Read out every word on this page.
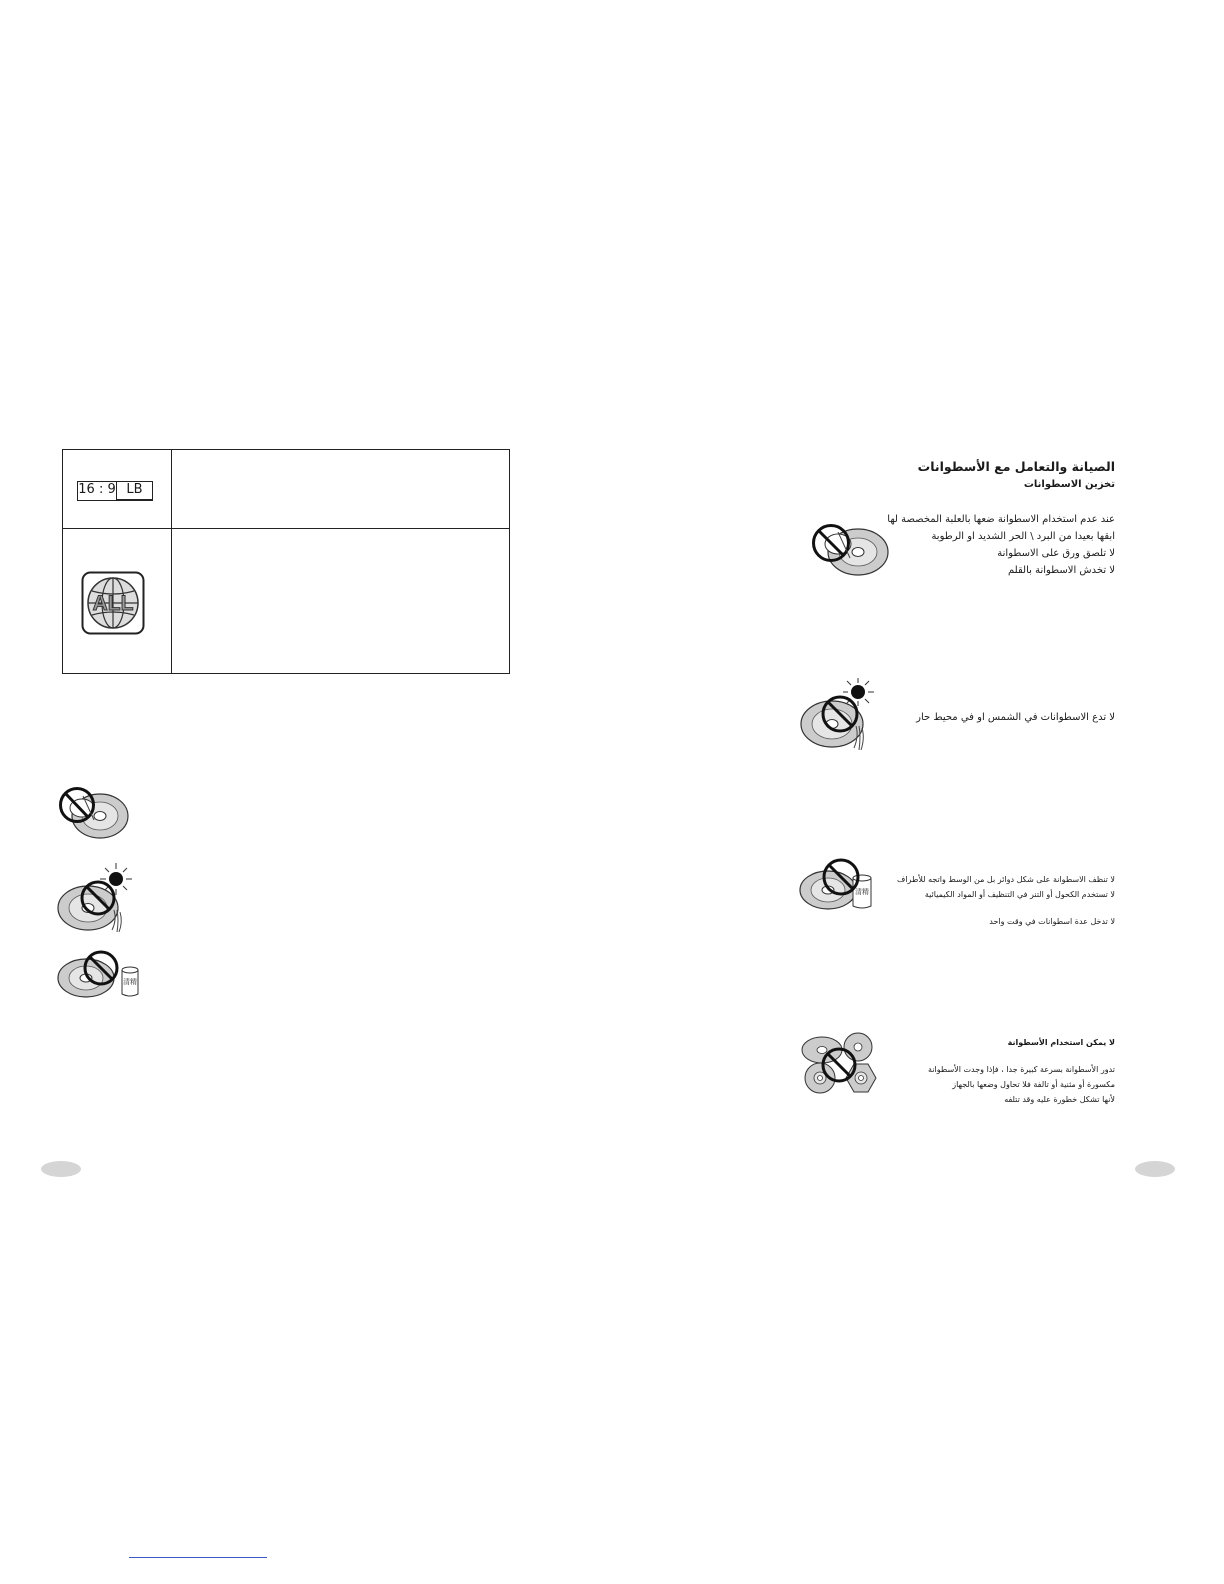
16 : 9 LB
ALL
清精
الصيانة والتعامل مع الأسطوانات
تخزين الاسطوانات
عند عدم استخدام الاسطوانة ضعها بالعلبة المخصصة لها
ابقها بعيدا من البرد \ الحر الشديد او الرطوبة
لا تلصق ورق على الاسطوانة
لا تخدش الاسطوانة بالقلم
لا تدع الاسطوانات في الشمس او في محيط حار
لا تنظف الاسطوانة على شكل دوائر بل من الوسط واتجه للأطراف
لا تستخدم الكحول أو التنر في التنظيف أو المواد الكيميائية
لا تدخل عدة اسطوانات في وقت واحد
清精
لا يمكن استخدام الأسطوانة
تدور الأسطوانة بسرعة كبيرة جدا ، فإذا وجدت الأسطوانة
مكسورة أو مثنية أو تالفة فلا تحاول وضعها بالجهاز
لأنها تشكل خطورة عليه وقد تتلفه
